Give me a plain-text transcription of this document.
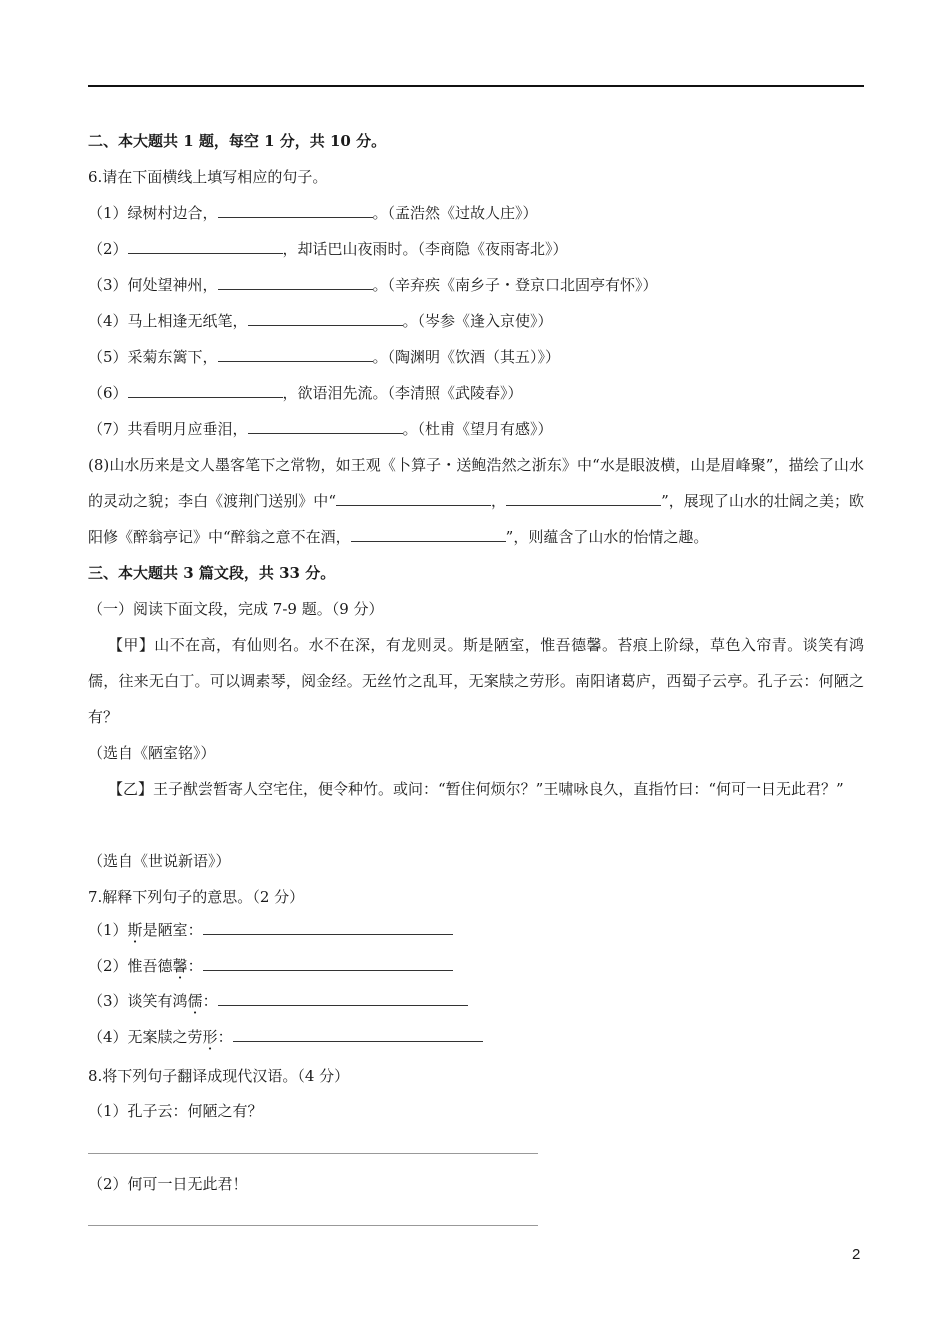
二、本大题共 1 题，每空 1 分，共 10 分。
6.请在下面横线上填写相应的句子。
（1）绿树村边合，	。（孟浩然《过故人庄》）
（2）	，却话巴山夜雨时。（李商隐《夜雨寄北》）
（3）何处望神州，	。（辛弃疾《南乡子・登京口北固亭有怀》）
（4）马上相逢无纸笔，	。（岑参《逢入京使》）
（5）采菊东篱下，	。（陶渊明《饮酒（其五）》）
（6）	，欲语泪先流。（李清照《武陵春》）
（7）共看明月应垂泪，	。（杜甫《望月有感》）
(8)山水历来是文人墨客笔下之常物，如王观《卜算子・送鲍浩然之浙东》中“水是眼波横，山是眉峰聚”，描绘了山水的灵动之貌；李白《渡荆门送别》中“	，	”，展现了山水的壮阔之美；欧阳修《醉翁亭记》中“醉翁之意不在酒，	”，则蕴含了山水的怡情之趣。
三、本大题共 3 篇文段，共 33 分。
（一）阅读下面文段，完成 7-9 题。（9 分）
【甲】山不在高，有仙则名。水不在深，有龙则灵。斯是陋室，惟吾德馨。苔痕上阶绿，草色入帘青。谈笑有鸿儒，往来无白丁。可以调素琴，阅金经。无丝竹之乱耳，无案牍之劳形。南阳诸葛庐，西蜀子云亭。孔子云：何陋之有？
（选自《陋室铭》）
【乙】王子猷尝暂寄人空宅住，便令种竹。或问：“暂住何烦尔？”王啸咏良久，直指竹曰：“何可一日无此君？”
（选自《世说新语》）
7.解释下列句子的意思。（2 分）
（1）斯是陋室：
（2）惟吾德馨：
（3）谈笑有鸿儒：
（4）无案牍之劳形：
8.将下列句子翻译成现代汉语。（4 分）
（1）孔子云：何陋之有？
（2）何可一日无此君！
2
